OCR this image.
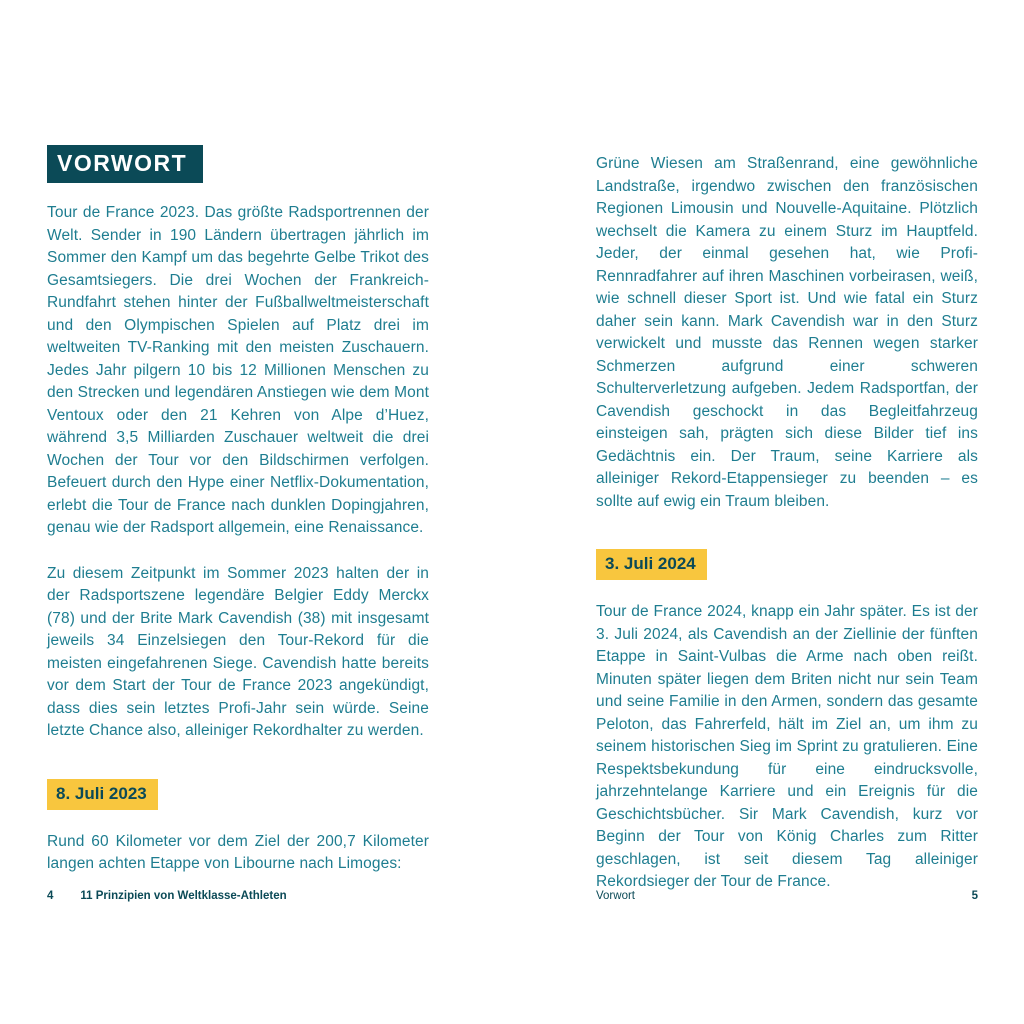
VORWORT

Tour de France 2023. Das größte Radsportrennen der Welt. Sender in 190 Ländern übertragen jährlich im Sommer den Kampf um das begehrte Gelbe Trikot des Gesamtsiegers. Die drei Wochen der Frankreich-Rundfahrt stehen hinter der Fußballweltmeisterschaft und den Olympischen Spielen auf Platz drei im weltweiten TV-Ranking mit den meisten Zuschauern. Jedes Jahr pilgern 10 bis 12 Millionen Menschen zu den Strecken und legendären Anstiegen wie dem Mont Ventoux oder den 21 Kehren von Alpe d’Huez, während 3,5 Milliarden Zuschauer weltweit die drei Wochen der Tour vor den Bildschirmen verfolgen. Befeuert durch den Hype einer Netflix-Dokumentation, erlebt die Tour de France nach dunklen Dopingjahren, genau wie der Radsport allgemein, eine Renaissance.

Zu diesem Zeitpunkt im Sommer 2023 halten der in der Radsportszene legendäre Belgier Eddy Merckx (78) und der Brite Mark Cavendish (38) mit insgesamt jeweils 34 Einzelsiegen den Tour-Rekord für die meisten eingefahrenen Siege. Cavendish hatte bereits vor dem Start der Tour de France 2023 angekündigt, dass dies sein letztes Profi-Jahr sein würde. Seine letzte Chance also, alleiniger Rekordhalter zu werden.

8. Juli 2023

Rund 60 Kilometer vor dem Ziel der 200,7 Kilometer langen achten Etappe von Libourne nach Limoges:

Grüne Wiesen am Straßenrand, eine gewöhnliche Landstraße, irgendwo zwischen den französischen Regionen Limousin und Nouvelle-Aquitaine. Plötzlich wechselt die Kamera zu einem Sturz im Hauptfeld. Jeder, der einmal gesehen hat, wie Profi-Rennradfahrer auf ihren Maschinen vorbeirasen, weiß, wie schnell dieser Sport ist. Und wie fatal ein Sturz daher sein kann. Mark Cavendish war in den Sturz verwickelt und musste das Rennen wegen starker Schmerzen aufgrund einer schweren Schulterverletzung aufgeben. Jedem Radsportfan, der Cavendish geschockt in das Begleitfahrzeug einsteigen sah, prägten sich diese Bilder tief ins Gedächtnis ein. Der Traum, seine Karriere als alleiniger Rekord-Etappensieger zu beenden – es sollte auf ewig ein Traum bleiben.

3. Juli 2024

Tour de France 2024, knapp ein Jahr später. Es ist der 3. Juli 2024, als Cavendish an der Ziellinie der fünften Etappe in Saint-Vulbas die Arme nach oben reißt. Minuten später liegen dem Briten nicht nur sein Team und seine Familie in den Armen, sondern das gesamte Peloton, das Fahrerfeld, hält im Ziel an, um ihm zu seinem historischen Sieg im Sprint zu gratulieren. Eine Respektsbekundung für eine eindrucksvolle, jahrzehntelange Karriere und ein Ereignis für die Geschichtsbücher. Sir Mark Cavendish, kurz vor Beginn der Tour von König Charles zum Ritter geschlagen, ist seit diesem Tag alleiniger Rekordsieger der Tour de France.

4 11 Prinzipien von Weltklasse-Athleten	Vorwort	5
